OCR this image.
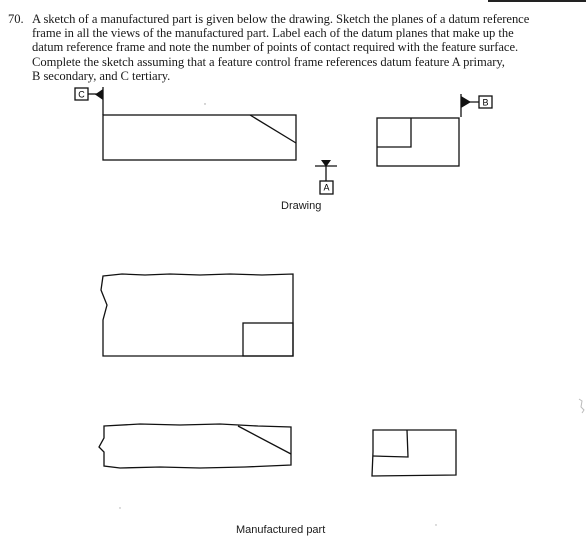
70. A sketch of a manufactured part is given below the drawing. Sketch the planes of a datum reference
frame in all the views of the manufactured part. Label each of the datum planes that make up the
datum reference frame and note the number of points of contact required with the feature surface.
Complete the sketch assuming that a feature control frame references datum feature A primary,
B secondary, and C tertiary.
C
B
A
Drawing
Manufactured part
